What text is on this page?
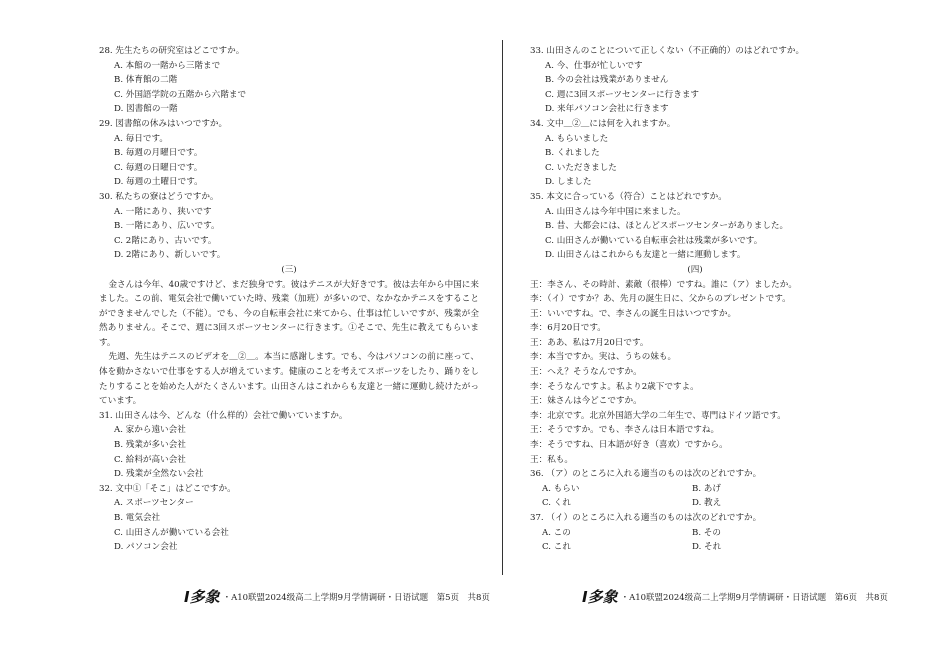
28. 先生たちの研究室はどこですか。
A. 本館の一階から三階まで
B. 体育館の二階
C. 外国語学院の五階から六階まで
D. 図書館の一階
29. 図書館の休みはいつですか。
A. 毎日です。
B. 毎週の月曜日です。
C. 毎週の日曜日です。
D. 毎週の土曜日です。
30. 私たちの寮はどうですか。
A. 一階にあり、狭いです
B. 一階にあり、広いです。
C. 2階にあり、古いです。
D. 2階にあり、新しいです。
(三)
金さんは今年、40歳ですけど、まだ独身です。彼はテニスが大好きです。彼は去年から中国に来ました。この前、電気会社で働いていた時、残業（加班）が多いので、なかなかテニスをすることができませんでした（不能）。でも、今の自転車会社に来てから、仕事は忙しいですが、残業が全然ありません。そこで、週に3回スポーツセンターに行きます。①そこで、先生に教えてもらいます。
先週、先生はテニスのビデオを＿②＿。本当に感謝します。でも、今はパソコンの前に座って、体を動かさないで仕事をする人が増えています。健康のことを考えてスポーツをしたり、踊りをしたりすることを始めた人がたくさんいます。山田さんはこれからも友達と一緒に運動し続けたがっています。
31. 山田さんは今、どんな（什么样的）会社で働いていますか。
A. 家から遠い会社
B. 残業が多い会社
C. 給料が高い会社
D. 残業が全然ない会社
32. 文中①「そこ」はどこですか。
A. スポーツセンター
B. 電気会社
C. 山田さんが働いている会社
D. パソコン会社
33. 山田さんのことについて正しくない（不正确的）のはどれですか。
A. 今、仕事が忙しいです
B. 今の会社は残業がありません
C. 週に3回スポーツセンターに行きます
D. 来年パソコン会社に行きます
34. 文中＿②＿には何を入れますか。
A. もらいました
B. くれました
C. いただきました
D. しました
35. 本文に合っている（符合）ことはどれですか。
A. 山田さんは今年中国に来ました。
B. 昔、大都会には、ほとんどスポーツセンターがありました。
C. 山田さんが働いている自転車会社は残業が多いです。
D. 山田さんはこれからも友達と一緒に運動します。
(四)
王：李さん、その時計、素敵（很棒）ですね。誰に（ア）ましたか。
李：（イ）ですか？あ、先月の誕生日に、父からのプレゼントです。
王：いいですね。で、李さんの誕生日はいつですか。
李：6月20日です。
王：ああ、私は7月20日です。
李：本当ですか。実は、うちの妹も。
王：へえ？そうなんですか。
李：そうなんですよ。私より2歳下ですよ。
王：妹さんは今どこですか。
李：北京です。北京外国語大学の二年生で、専門はドイツ語です。
王：そうですか。でも、李さんは日本語ですね。
李：そうですね、日本語が好き（喜欢）ですから。
王：私も。
36. （ア）のところに入れる適当のものは次のどれですか。
A. もらい	B. あげ
C. くれ	D. 教え
37. （イ）のところに入れる適当のものは次のどれですか。
A. この	B. その
C. これ	D. それ
I多象 ・A10联盟2024级高二上学期9月学情调研・日语试题　第5页　共8页	I多象 ・A10联盟2024级高二上学期9月学情调研・日语试题　第6页　共8页
